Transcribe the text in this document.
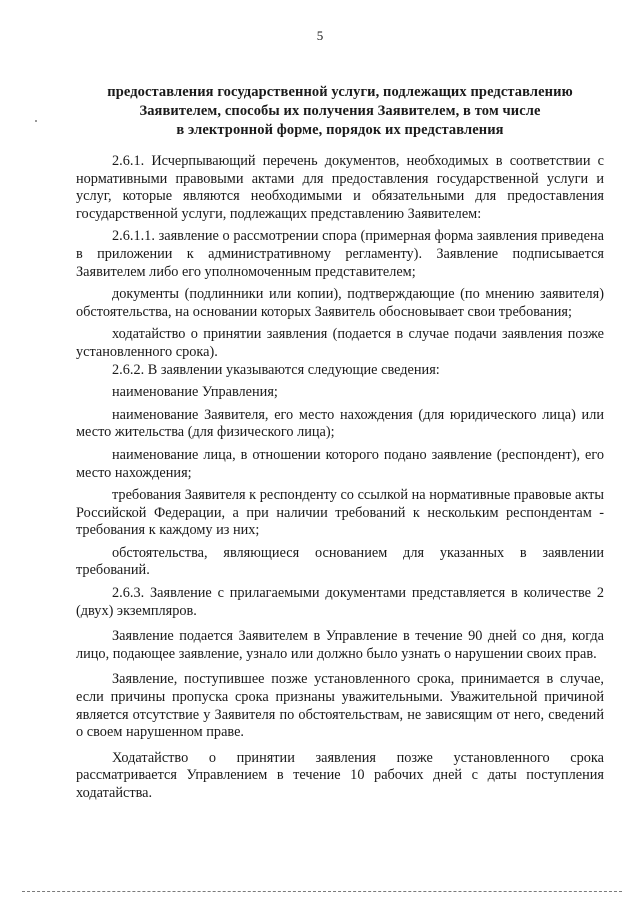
5
предоставления государственной услуги, подлежащих представлению
Заявителем, способы их получения Заявителем, в том числе
в электронной форме, порядок их представления

2.6.1. Исчерпывающий перечень документов, необходимых в соответствии с нормативными правовыми актами для предоставления государственной услуги и услуг, которые являются необходимыми и обязательными для предоставления государственной услуги, подлежащих представлению Заявителем:

2.6.1.1. заявление о рассмотрении спора (примерная форма заявления приведена в приложении к административному регламенту). Заявление подписывается Заявителем либо его уполномоченным представителем;

документы (подлинники или копии), подтверждающие (по мнению заявителя) обстоятельства, на основании которых Заявитель обосновывает свои требования;

ходатайство о принятии заявления (подается в случае подачи заявления позже установленного срока).

2.6.2. В заявлении указываются следующие сведения:

наименование Управления;

наименование Заявителя, его место нахождения (для юридического лица) или место жительства (для физического лица);

наименование лица, в отношении которого подано заявление (респондент), его место нахождения;

требования Заявителя к респонденту со ссылкой на нормативные правовые акты Российской Федерации, а при наличии требований к нескольким респондентам - требования к каждому из них;

обстоятельства, являющиеся основанием для указанных в заявлении требований.

2.6.3. Заявление с прилагаемыми документами представляется в количестве 2 (двух) экземпляров.

Заявление подается Заявителем в Управление в течение 90 дней со дня, когда лицо, подающее заявление, узнало или должно было узнать о нарушении своих прав.

Заявление, поступившее позже установленного срока, принимается в случае, если причины пропуска срока признаны уважительными. Уважительной причиной является отсутствие у Заявителя по обстоятельствам, не зависящим от него, сведений о своем нарушенном праве.

Ходатайство о принятии заявления позже установленного срока рассматривается Управлением в течение 10 рабочих дней с даты поступления ходатайства.
